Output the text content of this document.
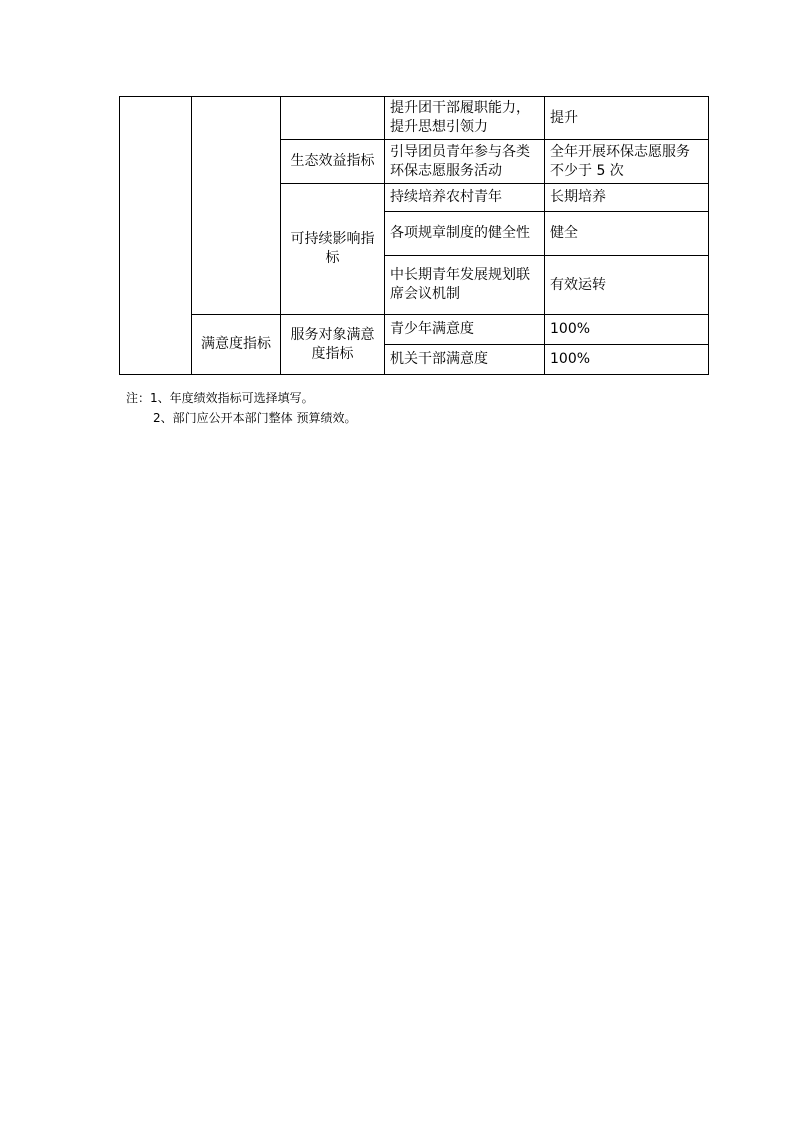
			提升团干部履职能力，提升思想引领力	提升
		生态效益指标	引导团员青年参与各类环保志愿服务活动	全年开展环保志愿服务不少于 5 次
		可持续影响指标	持续培养农村青年	长期培养
			各项规章制度的健全性	健全
			中长期青年发展规划联席会议机制	有效运转
	满意度指标	服务对象满意度指标	青少年满意度	100%
			机关干部满意度	100%
注：1、年度绩效指标可选择填写。
2、部门应公开本部门整体 预算绩效。
